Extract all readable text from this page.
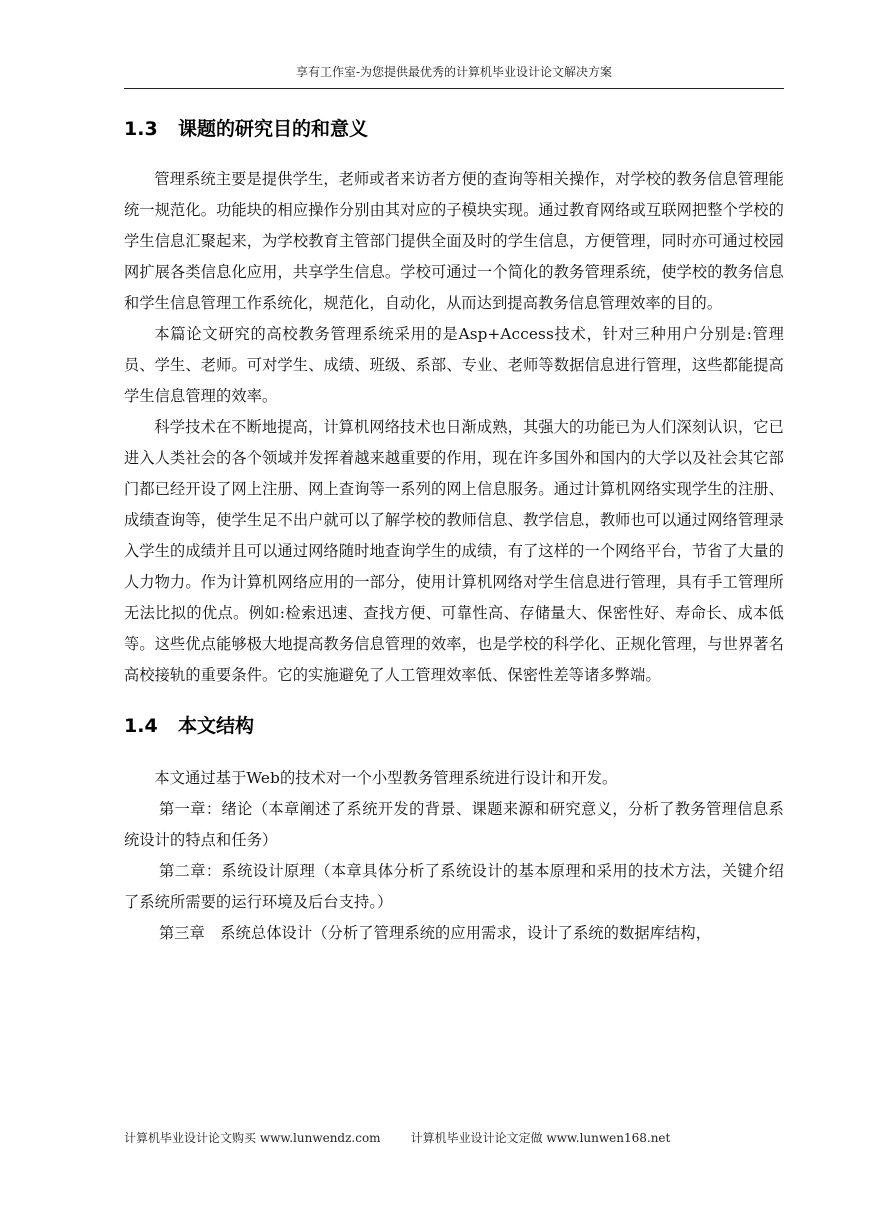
享有工作室-为您提供最优秀的计算机毕业设计论文解决方案
1.3 课题的研究目的和意义

管理系统主要是提供学生，老师或者来访者方便的查询等相关操作，对学校的教务信息管理能统一规范化。功能块的相应操作分别由其对应的子模块实现。通过教育网络或互联网把整个学校的学生信息汇聚起来，为学校教育主管部门提供全面及时的学生信息，方便管理，同时亦可通过校园网扩展各类信息化应用，共享学生信息。学校可通过一个简化的教务管理系统，使学校的教务信息和学生信息管理工作系统化，规范化，自动化，从而达到提高教务信息管理效率的目的。

本篇论文研究的高校教务管理系统采用的是Asp+Access技术，针对三种用户分别是:管理员、学生、老师。可对学生、成绩、班级、系部、专业、老师等数据信息进行管理，这些都能提高学生信息管理的效率。

科学技术在不断地提高，计算机网络技术也日渐成熟，其强大的功能已为人们深刻认识，它已进入人类社会的各个领域并发挥着越来越重要的作用，现在许多国外和国内的大学以及社会其它部门都已经开设了网上注册、网上查询等一系列的网上信息服务。通过计算机网络实现学生的注册、成绩查询等，使学生足不出户就可以了解学校的教师信息、教学信息，教师也可以通过网络管理录入学生的成绩并且可以通过网络随时地查询学生的成绩，有了这样的一个网络平台，节省了大量的人力物力。作为计算机网络应用的一部分，使用计算机网络对学生信息进行管理，具有手工管理所无法比拟的优点。例如:检索迅速、查找方便、可靠性高、存储量大、保密性好、寿命长、成本低等。这些优点能够极大地提高教务信息管理的效率，也是学校的科学化、正规化管理，与世界著名高校接轨的重要条件。它的实施避免了人工管理效率低、保密性差等诸多弊端。

1.4 本文结构

本文通过基于Web的技术对一个小型教务管理系统进行设计和开发。

第一章：绪论（本章阐述了系统开发的背景、课题来源和研究意义，分析了教务管理信息系统设计的特点和任务）

第二章：系统设计原理（本章具体分析了系统设计的基本原理和采用的技术方法，关键介绍了系统所需要的运行环境及后台支持。）

第三章　系统总体设计（分析了管理系统的应用需求，设计了系统的数据库结构，

计算机毕业设计论文购买 www.lunwendz.com	计算机毕业设计论文定做 www.lunwen168.net
